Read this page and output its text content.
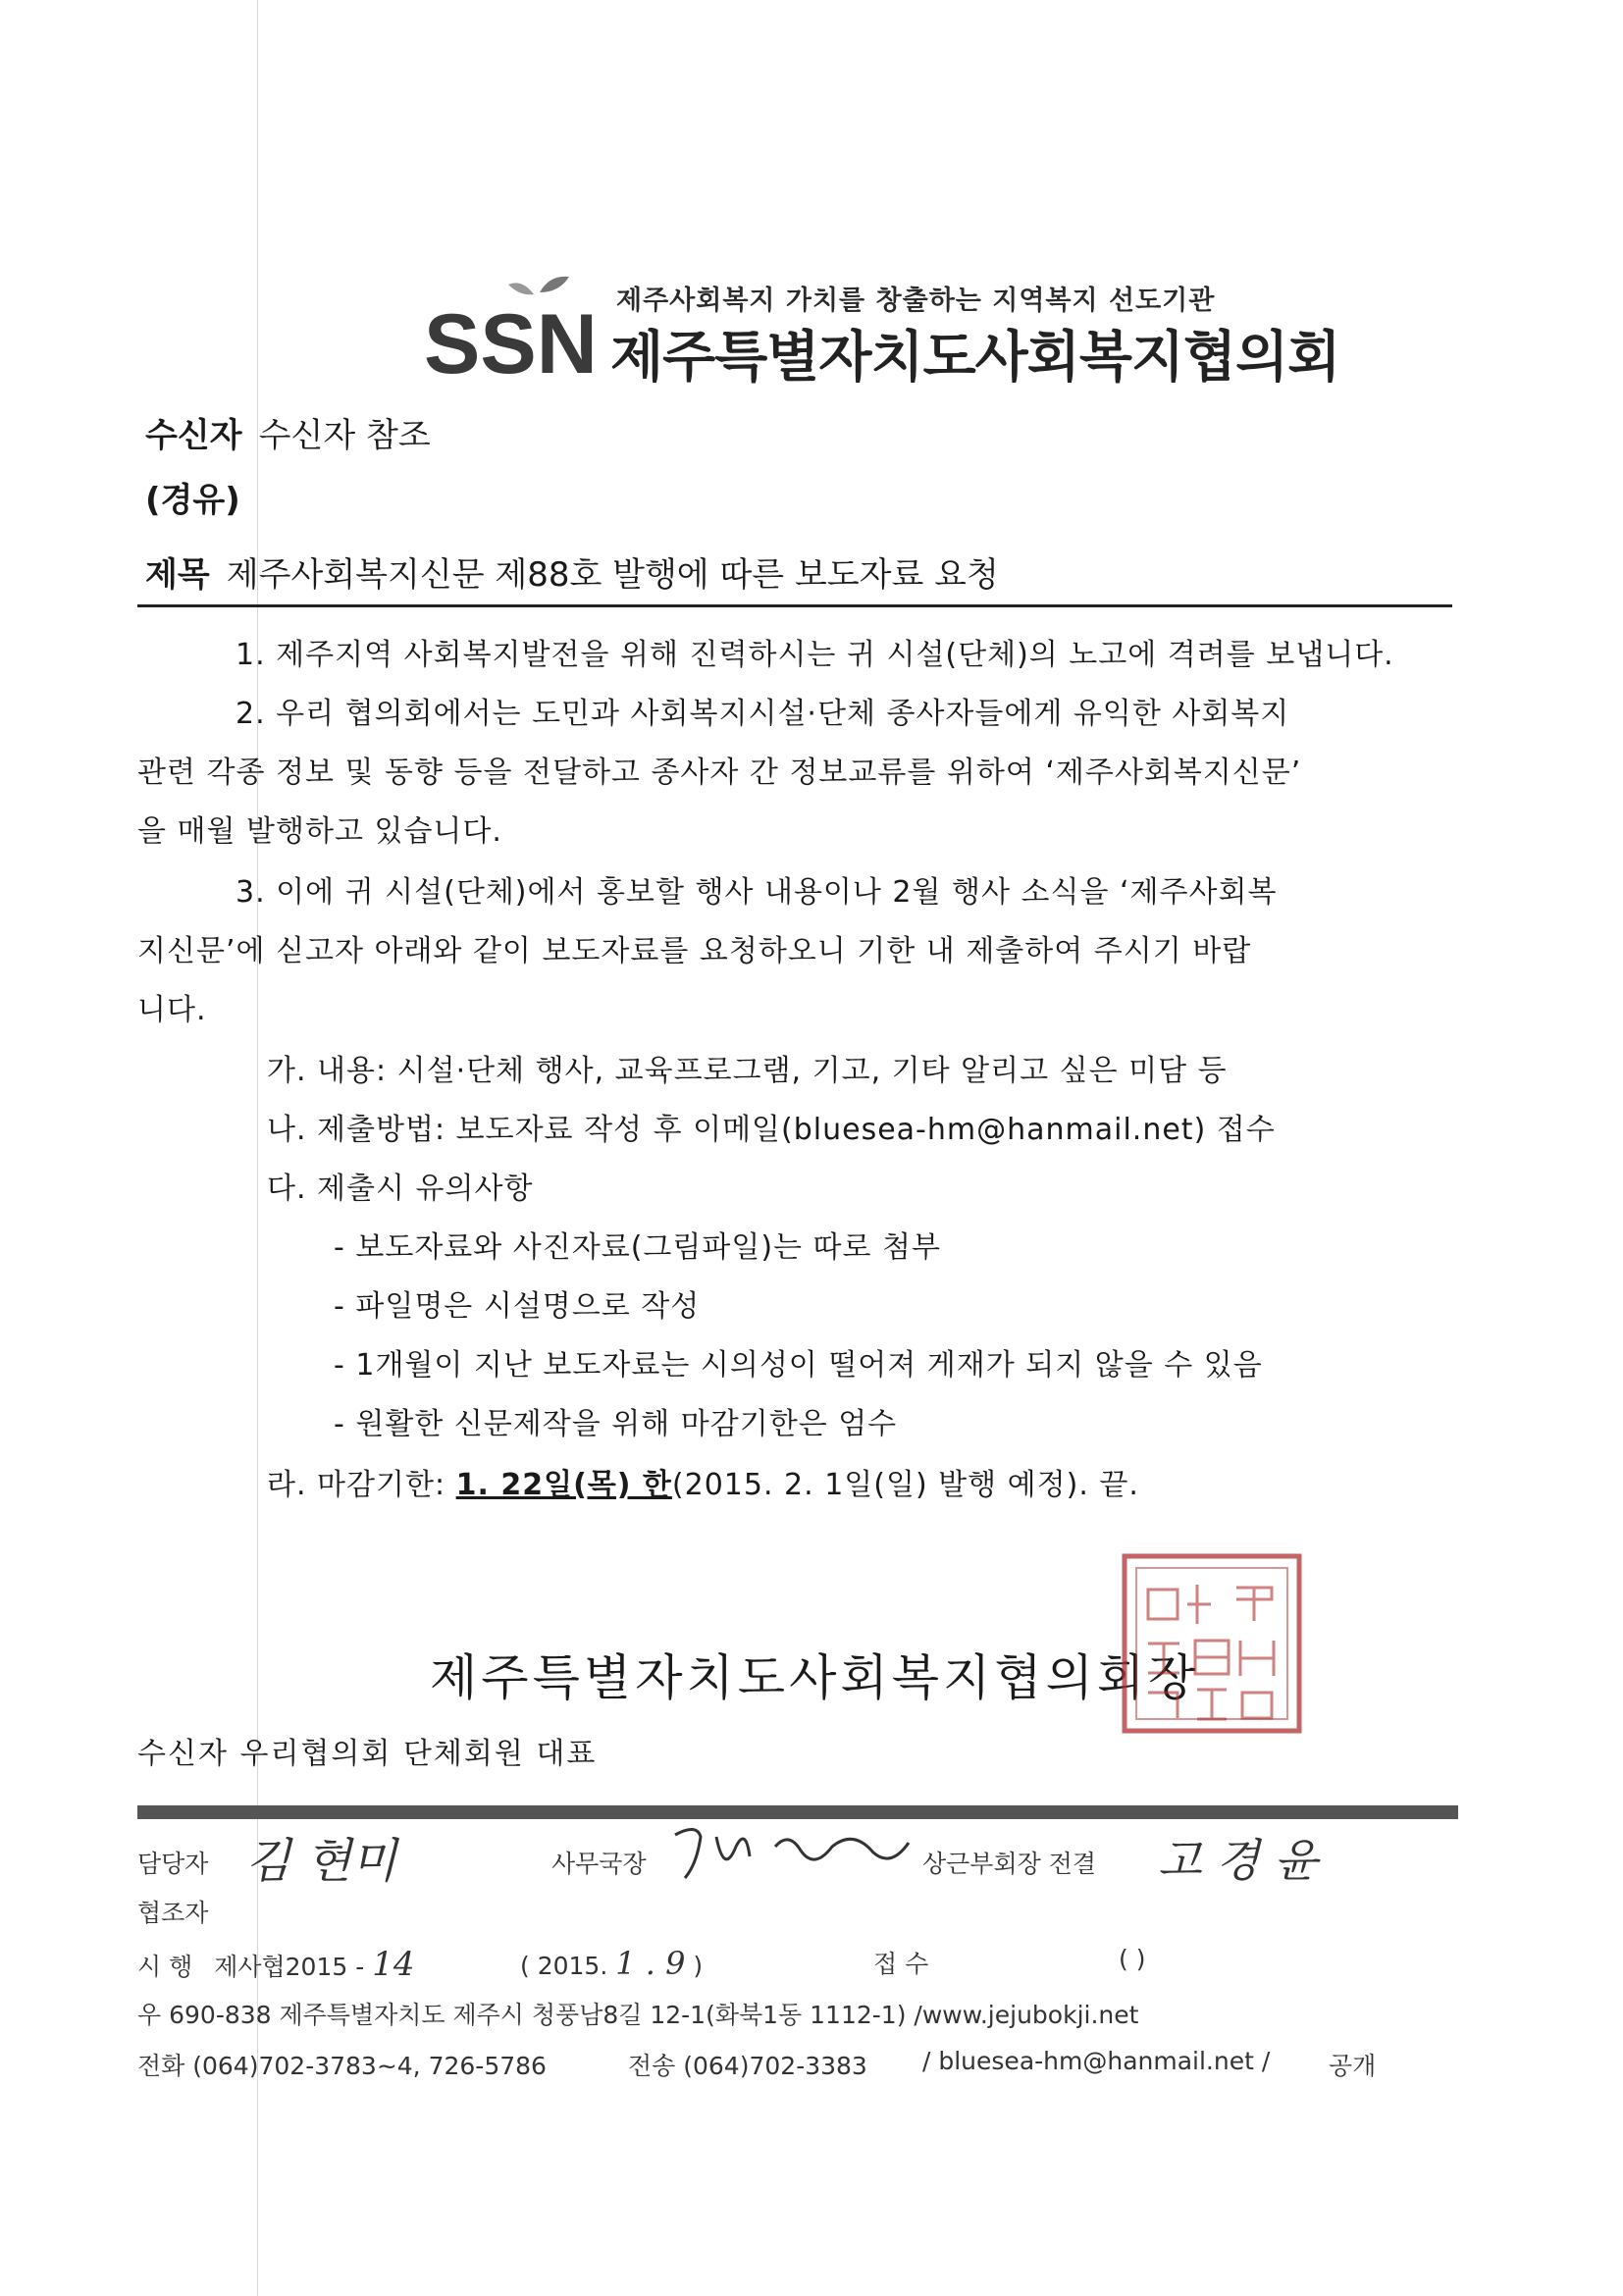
SSN 제주사회복지 가치를 창출하는 지역복지 선도기관
제주특별자치도사회복지협의회
수신자 수신자 참조
(경유)
제목 제주사회복지신문 제88호 발행에 따른 보도자료 요청
1. 제주지역 사회복지발전을 위해 진력하시는 귀 시설(단체)의 노고에 격려를 보냅니다.
2. 우리 협의회에서는 도민과 사회복지시설·단체 종사자들에게 유익한 사회복지
관련 각종 정보 및 동향 등을 전달하고 종사자 간 정보교류를 위하여 ‘제주사회복지신문’
을 매월 발행하고 있습니다.
3. 이에 귀 시설(단체)에서 홍보할 행사 내용이나 2월 행사 소식을 ‘제주사회복
지신문’에 싣고자 아래와 같이 보도자료를 요청하오니 기한 내 제출하여 주시기 바랍
니다.
가. 내용: 시설·단체 행사, 교육프로그램, 기고, 기타 알리고 싶은 미담 등
나. 제출방법: 보도자료 작성 후 이메일(bluesea-hm@hanmail.net) 접수
다. 제출시 유의사항
- 보도자료와 사진자료(그림파일)는 따로 첨부
- 파일명은 시설명으로 작성
- 1개월이 지난 보도자료는 시의성이 떨어져 게재가 되지 않을 수 있음
- 원활한 신문제작을 위해 마감기한은 엄수
라. 마감기한: 1. 22일(목) 한(2015. 2. 1일(일) 발행 예정). 끝.
제주특별자치도사회복지협의회장
수신자 우리협의회 단체회원 대표
담당자 김 현미	사무국장	상근부회장 전결 고 경 윤
협조자
시 행 제사협2015 - 14	( 2015. 1 . 9 )	접 수	( )
우 690-838 제주특별자치도 제주시 청풍남8길 12-1(화북1동 1112-1) /www.jejubokji.net
전화 (064)702-3783~4, 726-5786	전송 (064)702-3383 / bluesea-hm@hanmail.net / 공개
